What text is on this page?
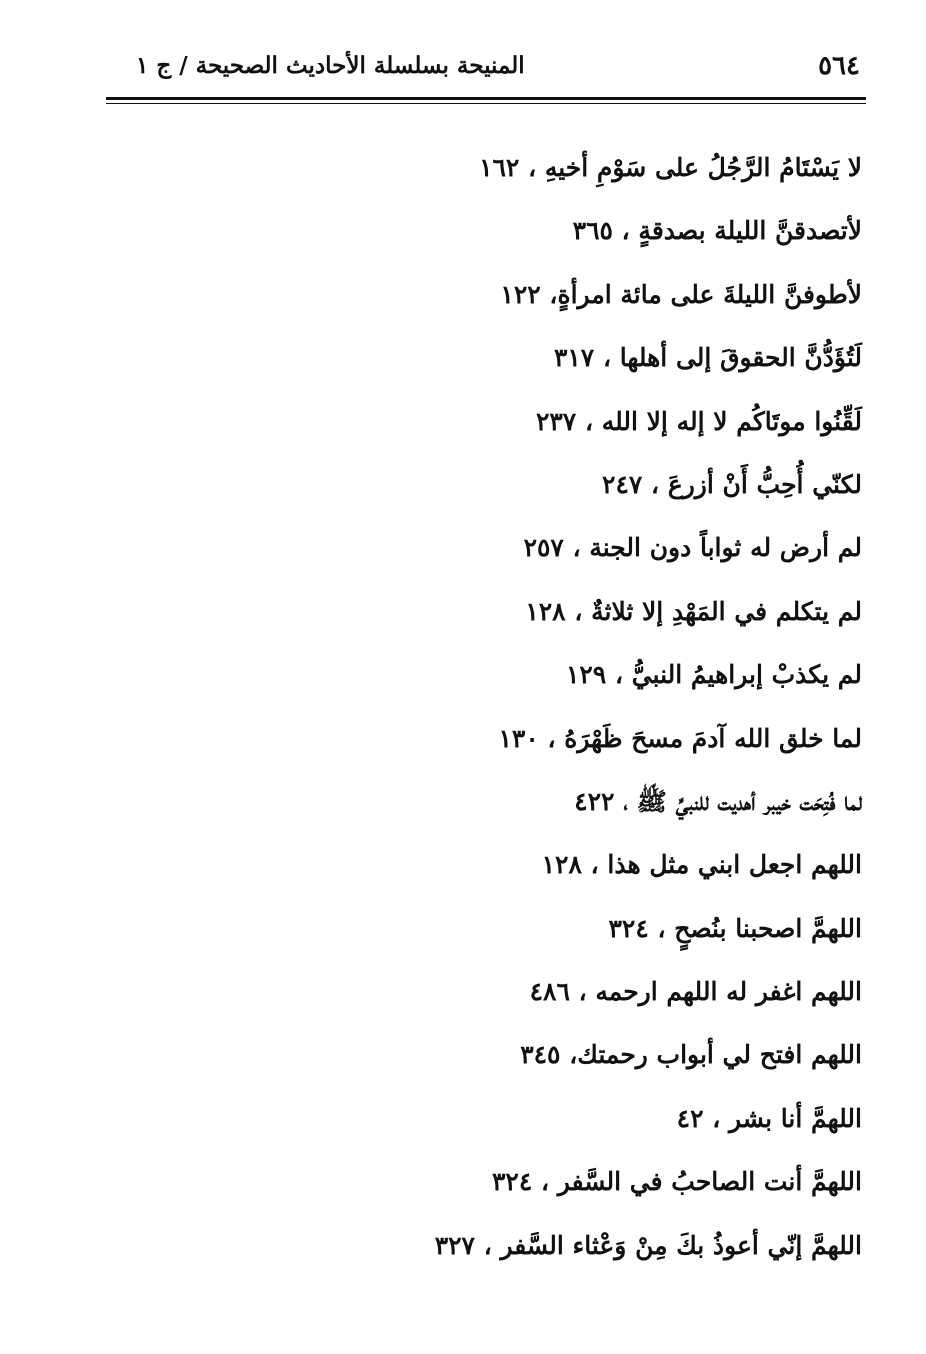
٥٦٤
المنيحة بسلسلة الأحاديث الصحيحة / ج ١
لا يَسْتَامُ الرَّجُلُ على سَوْمِ أخيهِ ، ١٦٢
لأتصدقنَّ الليلة بصدقةٍ ، ٣٦٥
لأطوفنَّ الليلةَ على مائة امرأةٍ، ١٢٢
لَتُؤَدُّنَّ الحقوقَ إلى أهلها ، ٣١٧
لَقِّنُوا موتَاكُم لا إله إلا الله ، ٢٣٧
لكنّي أُحِبُّ أَنْ أزرعَ ، ٢٤٧
لم أرض له ثواباً دون الجنة ، ٢٥٧
لم يتكلم في المَهْدِ إلا ثلاثةٌ ، ١٢٨
لم يكذبْ إبراهيمُ النبيُّ ، ١٢٩
لما خلق الله آدمَ مسحَ ظَهْرَهُ ، ١٣٠
لما فُتِحَت خيبر أهديت للنبيِّ ﷺ ، ٤٢٢
اللهم اجعل ابني مثل هذا ، ١٢٨
اللهمَّ اصحبنا بنُصحٍ ، ٣٢٤
اللهم اغفر له اللهم ارحمه ، ٤٨٦
اللهم افتح لي أبواب رحمتك، ٣٤٥
اللهمَّ أنا بشر ، ٤٢
اللهمَّ أنت الصاحبُ في السَّفر ، ٣٢٤
اللهمَّ إنّي أعوذُ بكَ مِنْ وَعْثاء السَّفر ، ٣٢٧
